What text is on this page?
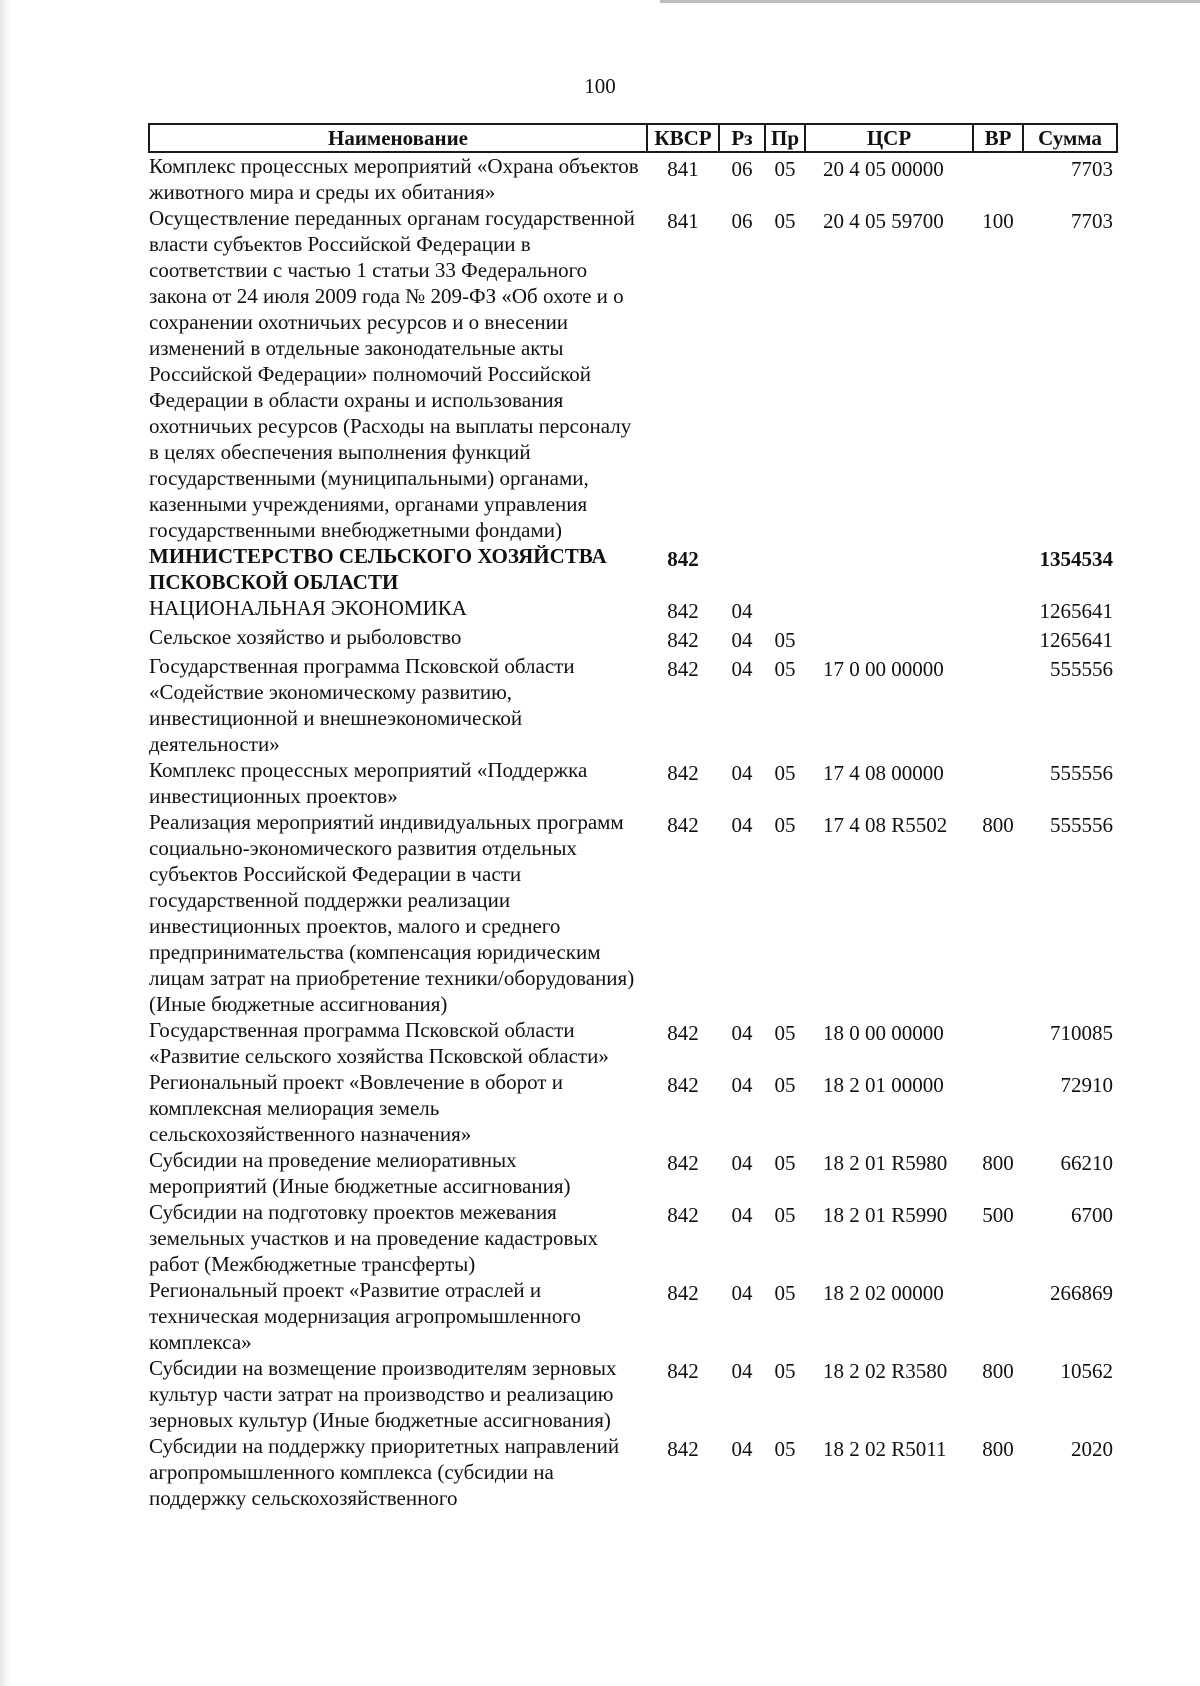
100
Наименование	КВСР	Рз	Пр	ЦСР	ВР	Сумма
Комплекс процессных мероприятий «Охрана объектов животного мира и среды их обитания»	841	06	05	20 4 05 00000		7703
Осуществление переданных органам государственной власти субъектов Российской Федерации в соответствии с частью 1 статьи 33 Федерального закона от 24 июля 2009 года № 209-ФЗ «Об охоте и о сохранении охотничьих ресурсов и о внесении изменений в отдельные законодательные акты Российской Федерации» полномочий Российской Федерации в области охраны и использования охотничьих ресурсов (Расходы на выплаты персоналу в целях обеспечения выполнения функций государственными (муниципальными) органами, казенными учреждениями, органами управления государственными внебюджетными фондами)	841	06	05	20 4 05 59700	100	7703
МИНИСТЕРСТВО СЕЛЬСКОГО ХОЗЯЙСТВА ПСКОВСКОЙ ОБЛАСТИ	842					1354534
НАЦИОНАЛЬНАЯ ЭКОНОМИКА	842	04				1265641
Сельское хозяйство и рыболовство	842	04	05			1265641
Государственная программа Псковской области «Содействие экономическому развитию, инвестиционной и внешнеэкономической деятельности»	842	04	05	17 0 00 00000		555556
Комплекс процессных мероприятий «Поддержка инвестиционных проектов»	842	04	05	17 4 08 00000		555556
Реализация мероприятий индивидуальных программ социально-экономического развития отдельных субъектов Российской Федерации в части государственной поддержки реализации инвестиционных проектов, малого и среднего предпринимательства (компенсация юридическим лицам затрат на приобретение техники/оборудования) (Иные бюджетные ассигнования)	842	04	05	17 4 08 R5502	800	555556
Государственная программа Псковской области «Развитие сельского хозяйства Псковской области»	842	04	05	18 0 00 00000		710085
Региональный проект «Вовлечение в оборот и комплексная мелиорация земель сельскохозяйственного назначения»	842	04	05	18 2 01 00000		72910
Субсидии на проведение мелиоративных мероприятий (Иные бюджетные ассигнования)	842	04	05	18 2 01 R5980	800	66210
Субсидии на подготовку проектов межевания земельных участков и на проведение кадастровых работ (Межбюджетные трансферты)	842	04	05	18 2 01 R5990	500	6700
Региональный проект «Развитие отраслей и техническая модернизация агропромышленного комплекса»	842	04	05	18 2 02 00000		266869
Субсидии на возмещение производителям зерновых культур части затрат на производство и реализацию зерновых культур (Иные бюджетные ассигнования)	842	04	05	18 2 02 R3580	800	10562
Субсидии на поддержку приоритетных направлений агропромышленного комплекса (субсидии на поддержку сельскохозяйственного	842	04	05	18 2 02 R5011	800	2020
